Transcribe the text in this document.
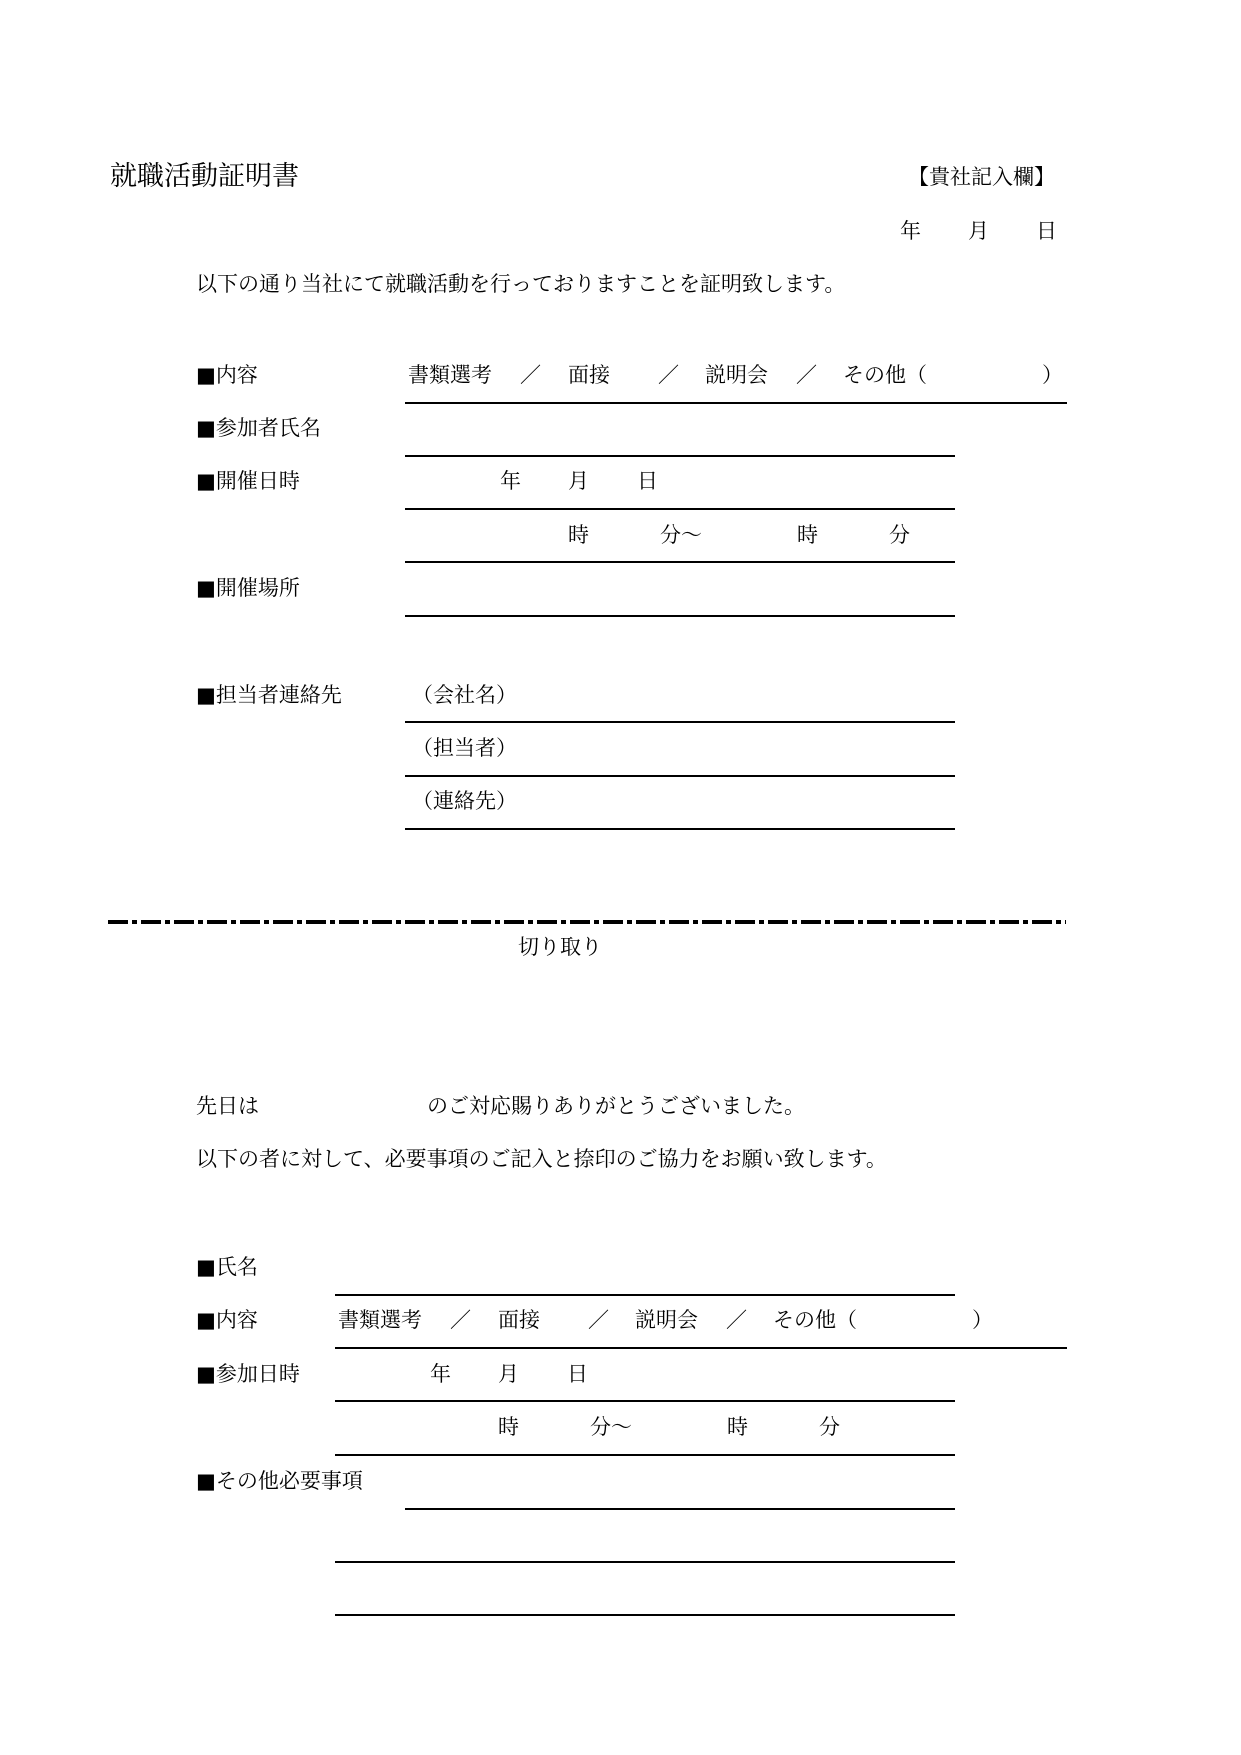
就職活動証明書	【貴社記入欄】
年 月 日
以下の通り当社にて就職活動を行っておりますことを証明致します。
■内容	書類選考 ／ 面接 ／ 説明会 ／ その他（	）
■参加者氏名
■開催日時	年 月 日
時	分〜	時	分
■開催場所
■担当者連絡先	（会社名）
（担当者）
（連絡先）
切り取り
先日は	のご対応賜りありがとうございました。
以下の者に対して、必要事項のご記入と捺印のご協力をお願い致します。
■氏名
■内容	書類選考 ／ 面接 ／ 説明会 ／ その他（	）
■参加日時	年 月 日
時	分〜	時	分
■その他必要事項
